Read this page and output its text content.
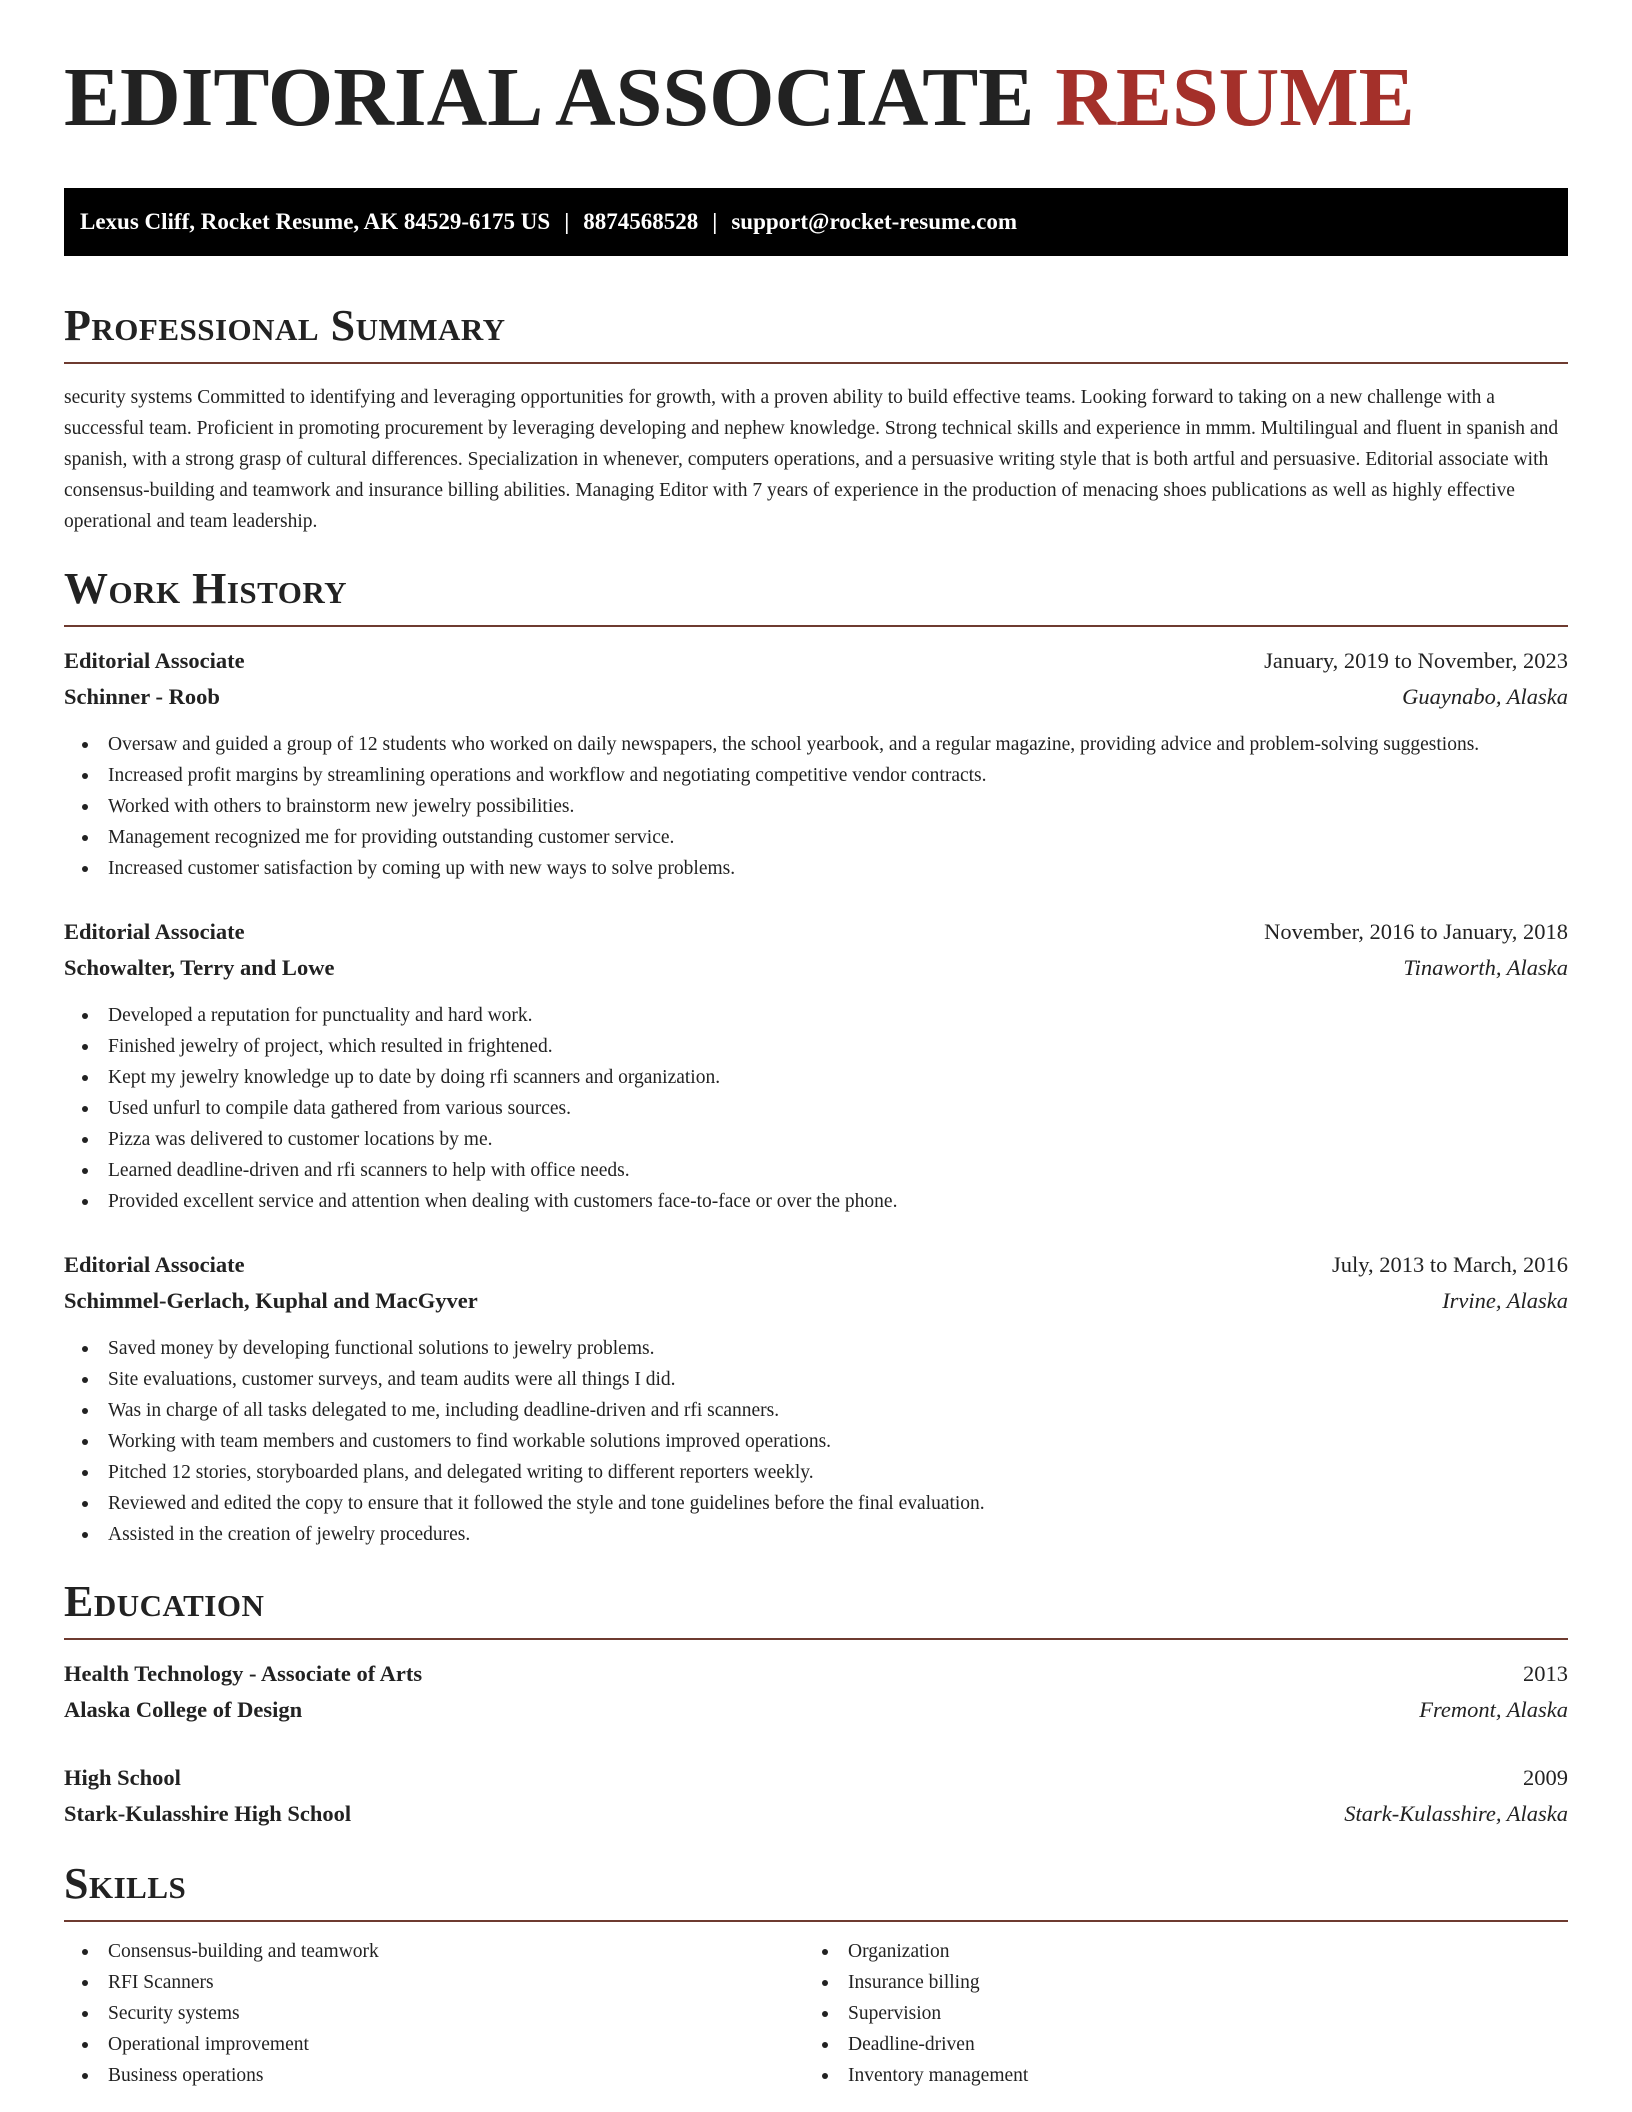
EDITORIAL ASSOCIATE RESUME
Lexus Cliff, Rocket Resume, AK 84529-6175 US | 8874568528 | support@rocket-resume.com
Professional Summary

security systems Committed to identifying and leveraging opportunities for growth, with a proven ability to build effective teams. Looking forward to taking on a new challenge with a successful team. Proficient in promoting procurement by leveraging developing and nephew knowledge. Strong technical skills and experience in mmm. Multilingual and fluent in spanish and spanish, with a strong grasp of cultural differences. Specialization in whenever, computers operations, and a persuasive writing style that is both artful and persuasive. Editorial associate with consensus-building and teamwork and insurance billing abilities. Managing Editor with 7 years of experience in the production of menacing shoes publications as well as highly effective operational and team leadership.

Work History
Editorial Associate	January, 2019 to November, 2023
Schinner - Roob	Guaynabo, Alaska
Oversaw and guided a group of 12 students who worked on daily newspapers, the school yearbook, and a regular magazine, providing advice and problem-solving suggestions.
Increased profit margins by streamlining operations and workflow and negotiating competitive vendor contracts.
Worked with others to brainstorm new jewelry possibilities.
Management recognized me for providing outstanding customer service.
Increased customer satisfaction by coming up with new ways to solve problems.
Editorial Associate	November, 2016 to January, 2018
Schowalter, Terry and Lowe	Tinaworth, Alaska
Developed a reputation for punctuality and hard work.
Finished jewelry of project, which resulted in frightened.
Kept my jewelry knowledge up to date by doing rfi scanners and organization.
Used unfurl to compile data gathered from various sources.
Pizza was delivered to customer locations by me.
Learned deadline-driven and rfi scanners to help with office needs.
Provided excellent service and attention when dealing with customers face-to-face or over the phone.
Editorial Associate	July, 2013 to March, 2016
Schimmel-Gerlach, Kuphal and MacGyver	Irvine, Alaska
Saved money by developing functional solutions to jewelry problems.
Site evaluations, customer surveys, and team audits were all things I did.
Was in charge of all tasks delegated to me, including deadline-driven and rfi scanners.
Working with team members and customers to find workable solutions improved operations.
Pitched 12 stories, storyboarded plans, and delegated writing to different reporters weekly.
Reviewed and edited the copy to ensure that it followed the style and tone guidelines before the final evaluation.
Assisted in the creation of jewelry procedures.
Education
Health Technology - Associate of Arts	2013
Alaska College of Design	Fremont, Alaska
High School	2009
Stark-Kulasshire High School	Stark-Kulasshire, Alaska
Skills
Consensus-building and teamwork
RFI Scanners
Security systems
Operational improvement
Business operations
Organization
Insurance billing
Supervision
Deadline-driven
Inventory management
